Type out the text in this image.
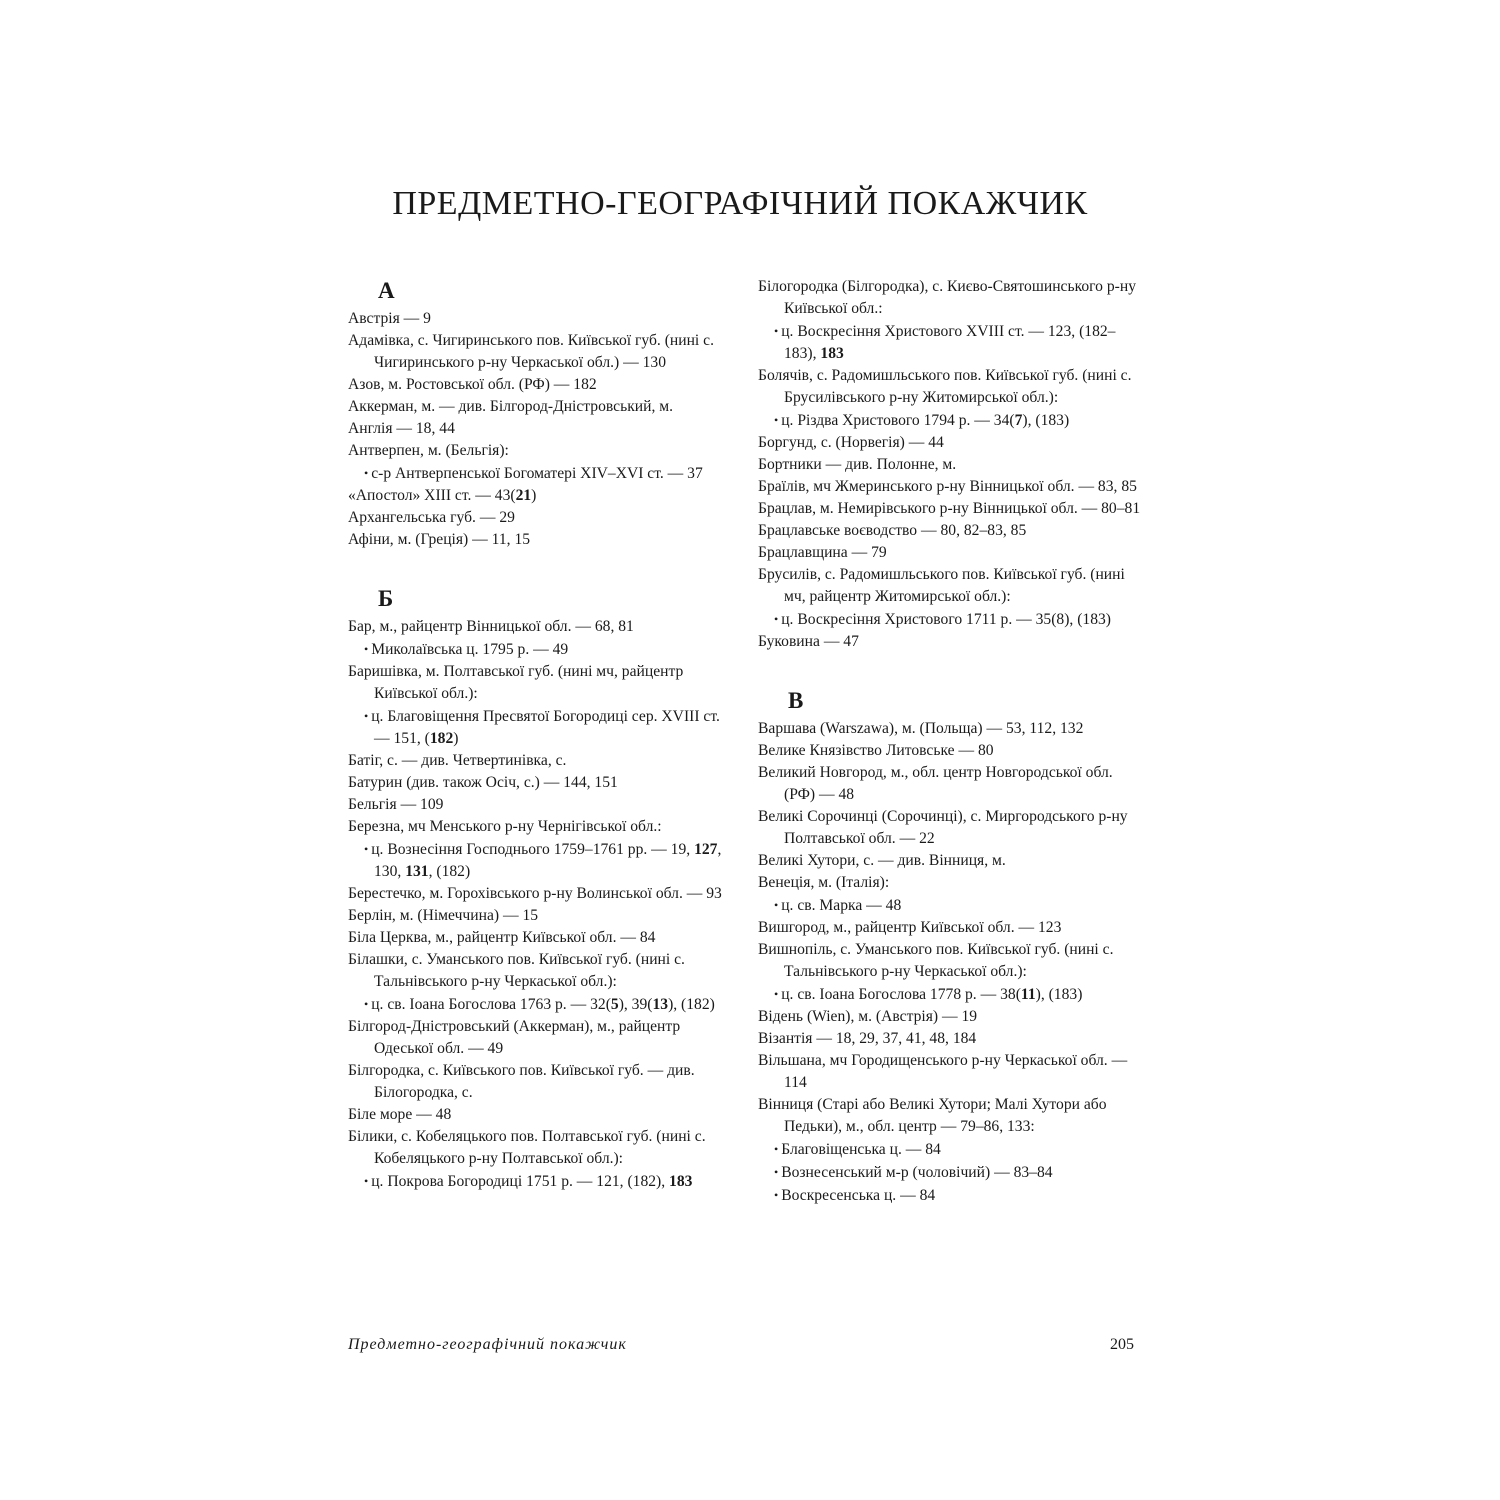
ПРЕДМЕТНО-ГЕОГРАФІЧНИЙ ПОКАЖЧИК
А
Австрія — 9
Адамівка, с. Чигиринського пов. Київської губ. (нині с. Чигиринського р-ну Черкаської обл.) — 130
Азов, м. Ростовської обл. (РФ) — 182
Аккерман, м. — див. Білгород-Дністровський, м.
Англія — 18, 44
Антверпен, м. (Бельгія):
• с-р Антверпенської Богоматері XIV–XVI ст. — 37
«Апостол» XIII ст. — 43(21)
Архангельська губ. — 29
Афіни, м. (Греція) — 11, 15
Б
Бар, м., райцентр Вінницької обл. — 68, 81
• Миколаївська ц. 1795 р. — 49
Баришівка, м. Полтавської губ. (нині мч, райцентр Київської обл.):
• ц. Благовіщення Пресвятої Богородиці сер. XVIII ст. — 151, (182)
Батіг, с. — див. Четвертинівка, с.
Батурин (див. також Осіч, с.) — 144, 151
Бельгія — 109
Березна, мч Менського р-ну Чернігівської обл.:
• ц. Вознесіння Господнього 1759–1761 рр. — 19, 127, 130, 131, (182)
Берестечко, м. Горохівського р-ну Волинської обл. — 93
Берлін, м. (Німеччина) — 15
Біла Церква, м., райцентр Київської обл. — 84
Білашки, с. Уманського пов. Київської губ. (нині с. Тальнівського р-ну Черкаської обл.):
• ц. св. Іоана Богослова 1763 р. — 32(5), 39(13), (182)
Білгород-Дністровський (Аккерман), м., райцентр Одеської обл. — 49
Білгородка, с. Київського пов. Київської губ. — див. Білогородка, с.
Біле море — 48
Білики, с. Кобеляцького пов. Полтавської губ. (нині с. Кобеляцького р-ну Полтавської обл.):
• ц. Покрова Богородиці 1751 р. — 121, (182), 183
Білогородка (Білгородка), с. Києво-Святошинського р-ну Київської обл.:
• ц. Воскресіння Христового XVIII ст. — 123, (182–183), 183
Болячів, с. Радомишльського пов. Київської губ. (нині с. Брусилівського р-ну Житомирської обл.):
• ц. Різдва Христового 1794 р. — 34(7), (183)
Боргунд, с. (Норвегія) — 44
Бортники — див. Полонне, м.
Браїлів, мч Жмеринського р-ну Вінницької обл. — 83, 85
Брацлав, м. Немирівського р-ну Вінницької обл. — 80–81
Брацлавське воєводство — 80, 82–83, 85
Брацлавщина — 79
Брусилів, с. Радомишльського пов. Київської губ. (нині мч, райцентр Житомирської обл.):
• ц. Воскресіння Христового 1711 р. — 35(8), (183)
Буковина — 47
В
Варшава (Warszawa), м. (Польща) — 53, 112, 132
Велике Князівство Литовське — 80
Великий Новгород, м., обл. центр Новгородської обл. (РФ) — 48
Великі Сорочинці (Сорочинці), с. Миргородського р-ну Полтавської обл. — 22
Великі Хутори, с. — див. Вінниця, м.
Венеція, м. (Італія):
• ц. св. Марка — 48
Вишгород, м., райцентр Київської обл. — 123
Вишнопіль, с. Уманського пов. Київської губ. (нині с. Тальнівського р-ну Черкаської обл.):
• ц. св. Іоана Богослова 1778 р. — 38(11), (183)
Відень (Wien), м. (Австрія) — 19
Візантія — 18, 29, 37, 41, 48, 184
Вільшана, мч Городищенського р-ну Черкаської обл. — 114
Вінниця (Старі або Великі Хутори; Малі Хутори або Педьки), м., обл. центр — 79–86, 133:
• Благовіщенська ц. — 84
• Вознесенський м-р (чоловічий) — 83–84
• Воскресенська ц. — 84
Предметно-географічний покажчик	205
